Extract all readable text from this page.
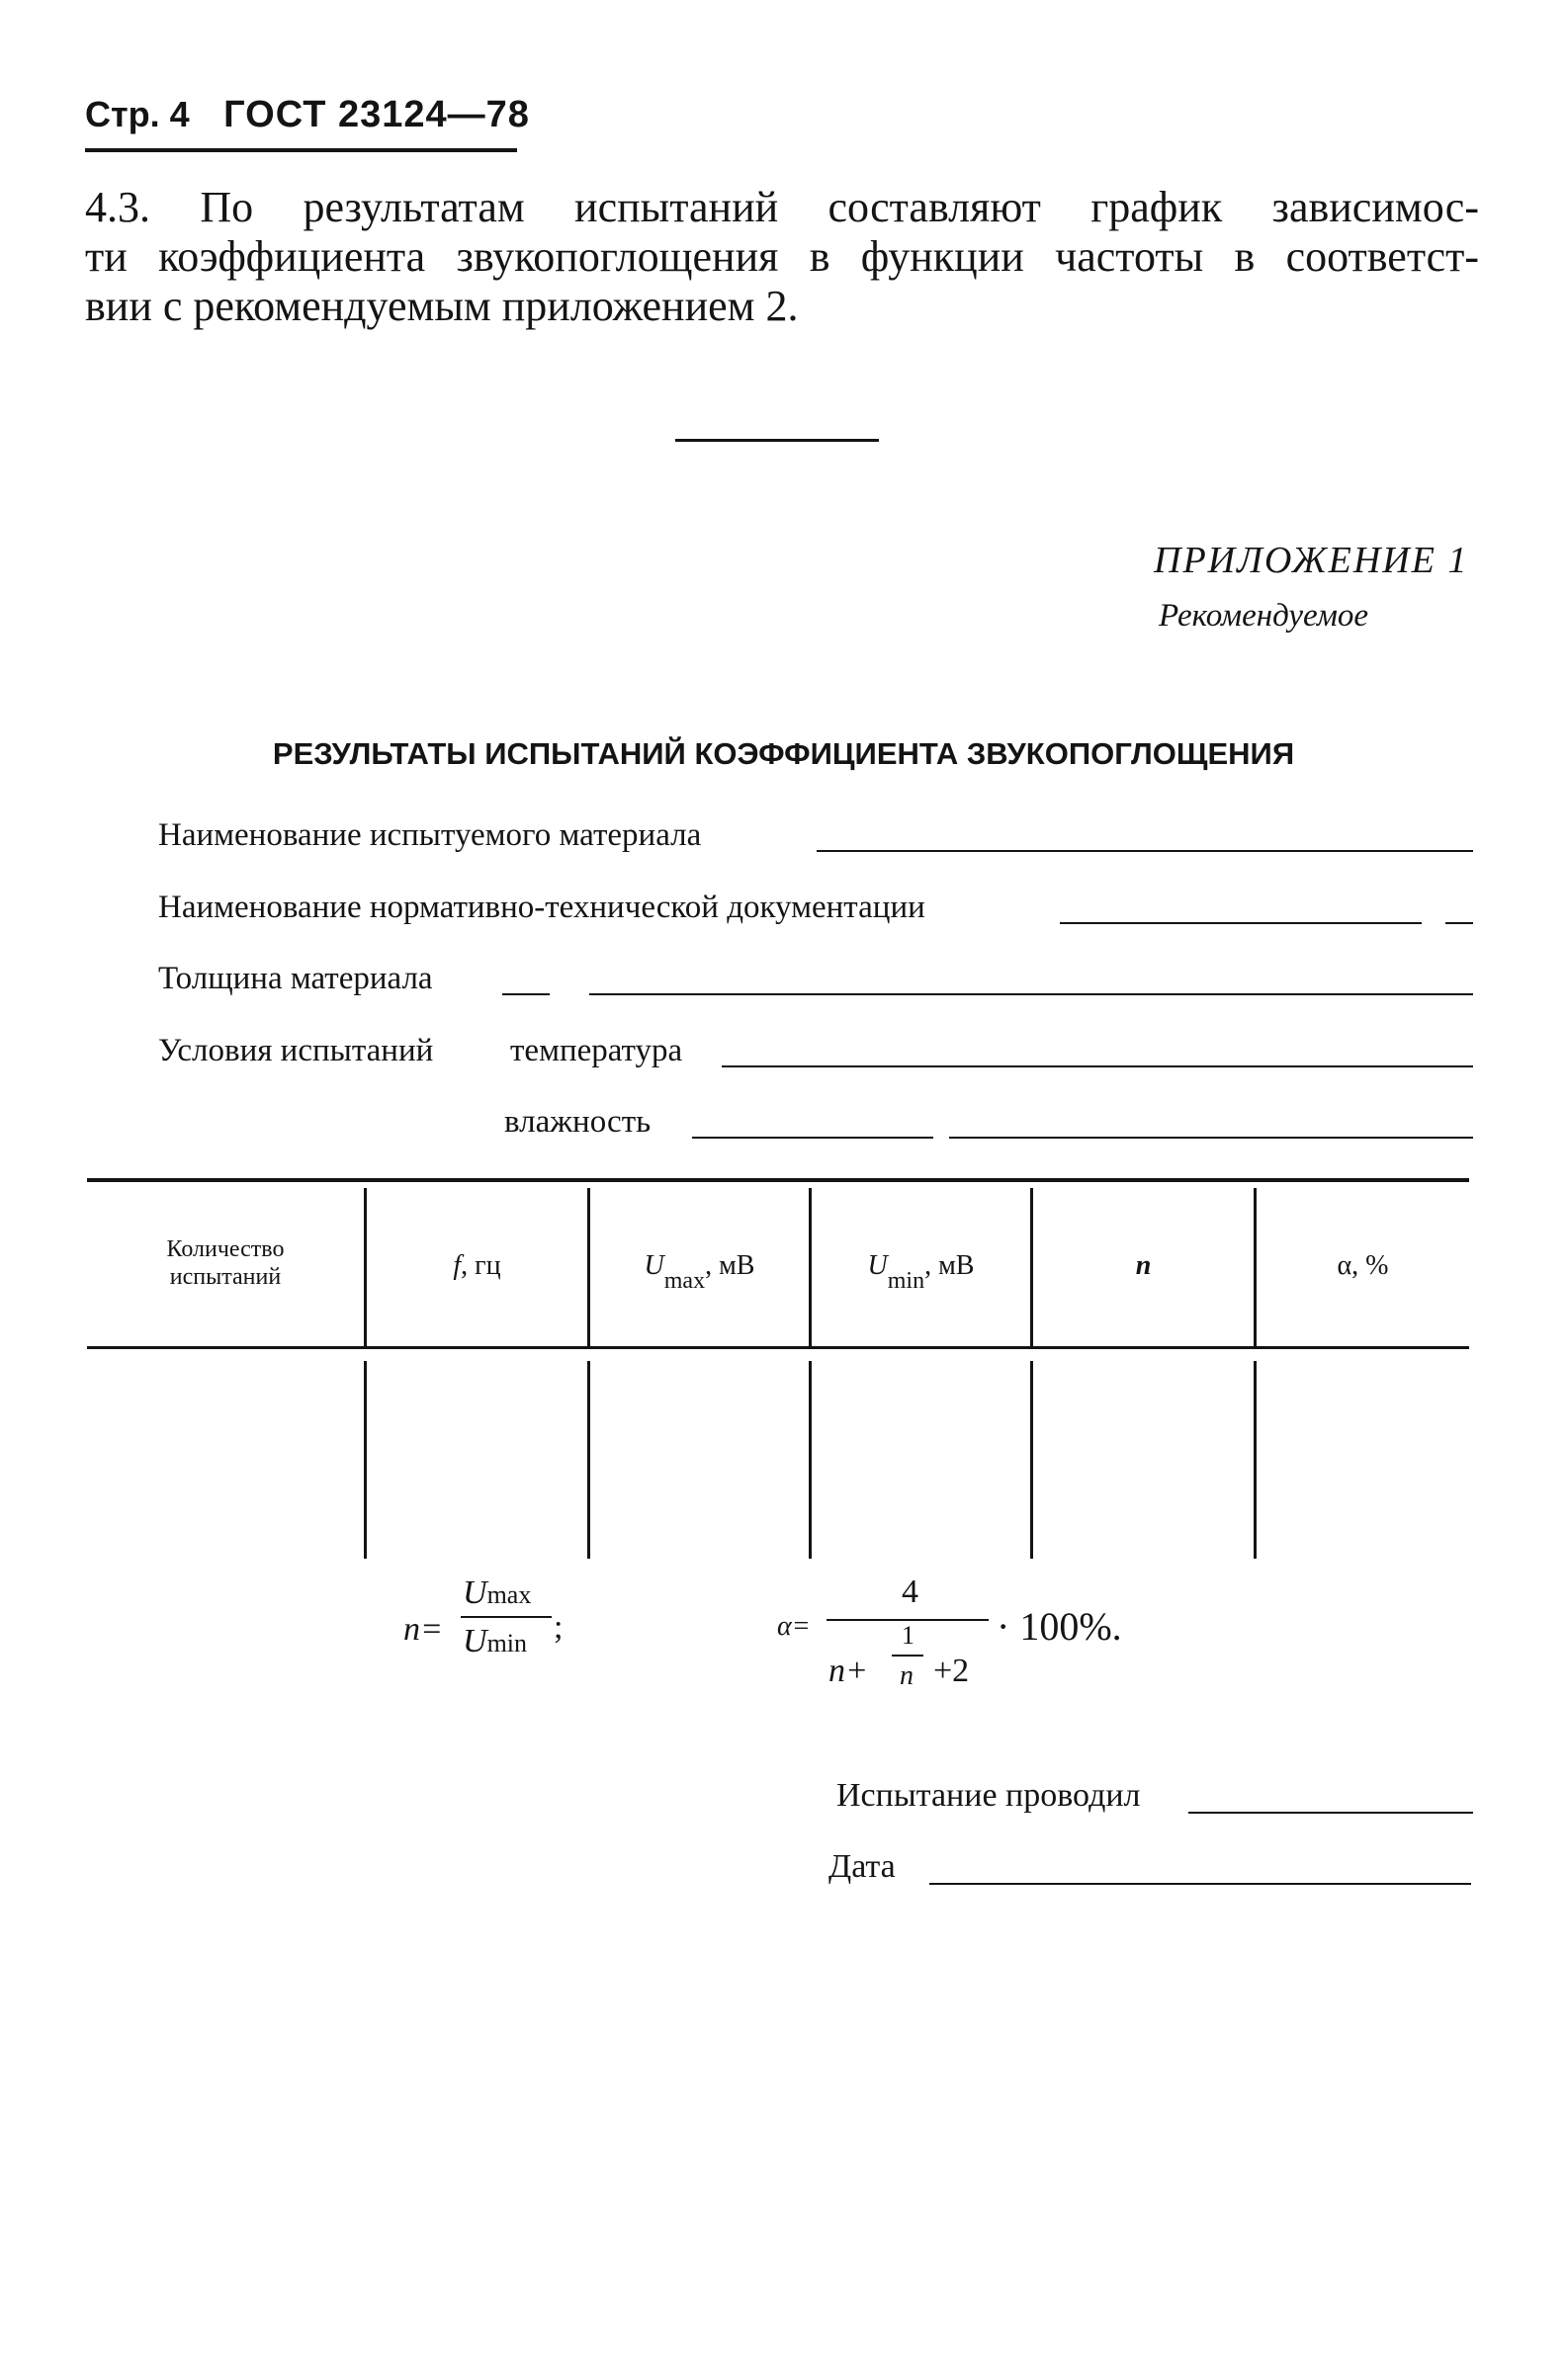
Стр. 4 ГОСТ 23124—78
4.3. По результатам испытаний составляют график зависимос-
ти коэффициента звукопоглощения в функции частоты в соответст-
вии с рекомендуемым приложением 2.
ПРИЛОЖЕНИЕ 1
Рекомендуемое
РЕЗУЛЬТАТЫ ИСПЫТАНИЙ КОЭФФИЦИЕНТА ЗВУКОПОГЛОЩЕНИЯ
Наименование испытуемого материала
Наименование нормативно-технической документации
Толщина материала
Условия испытаний температура
влажность
Количество
испытаний	f, гц	Umax, мВ	Umin, мВ	n	α, %
n=
Umax
Umin ;	α=
4
n+
1
n +2
· 100%.
Испытание проводил
Дата
